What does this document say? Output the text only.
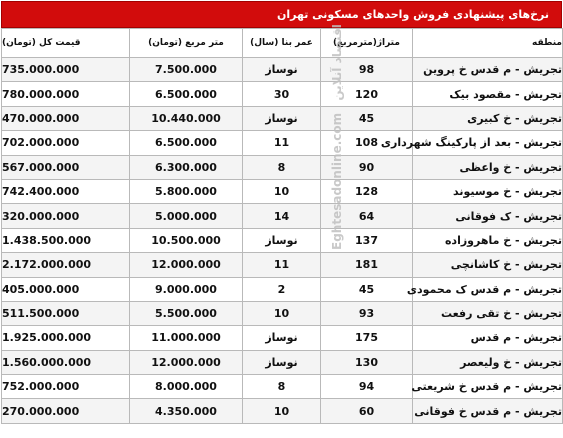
نرخ‌های پیشنهادی فروش واحدهای مسکونی تهران
منطقه	متراژ(مترمربع)	عمر بنا (سال)	متر مربع (تومان)	قیمت کل (تومان)
تجریش - م قدس خ پروین	98	نوساز	7.500.000	735.000.000
تجریش - مقصود بیک	120	30	6.500.000	780.000.000
تجریش - خ کبیری	45	نوساز	10.440.000	470.000.000
تجریش - بعد از پارکینگ شهرداری	108	11	6.500.000	702.000.000
تجریش - خ واعظی	90	8	6.300.000	567.000.000
تجریش - خ موسیوند	128	10	5.800.000	742.400.000
تجریش - ک فوقانی	64	14	5.000.000	320.000.000
تجریش - خ ماهروزاده	137	نوساز	10.500.000	1.438.500.000
تجریش - خ کاشانچی	181	11	12.000.000	2.172.000.000
تجریش - م قدس ک محمودی	45	2	9.000.000	405.000.000
تجریش - خ تقی رفعت	93	10	5.500.000	511.500.000
تجریش - م قدس	175	نوساز	11.000.000	1.925.000.000
تجریش - خ ولیعصر	130	نوساز	12.000.000	1.560.000.000
تجریش - م قدس خ شریعتی	94	8	8.000.000	752.000.000
تجریش - م قدس خ فوقانی	60	10	4.350.000	270.000.000
اقتصاد آنلاین Eghtesadonline.com
